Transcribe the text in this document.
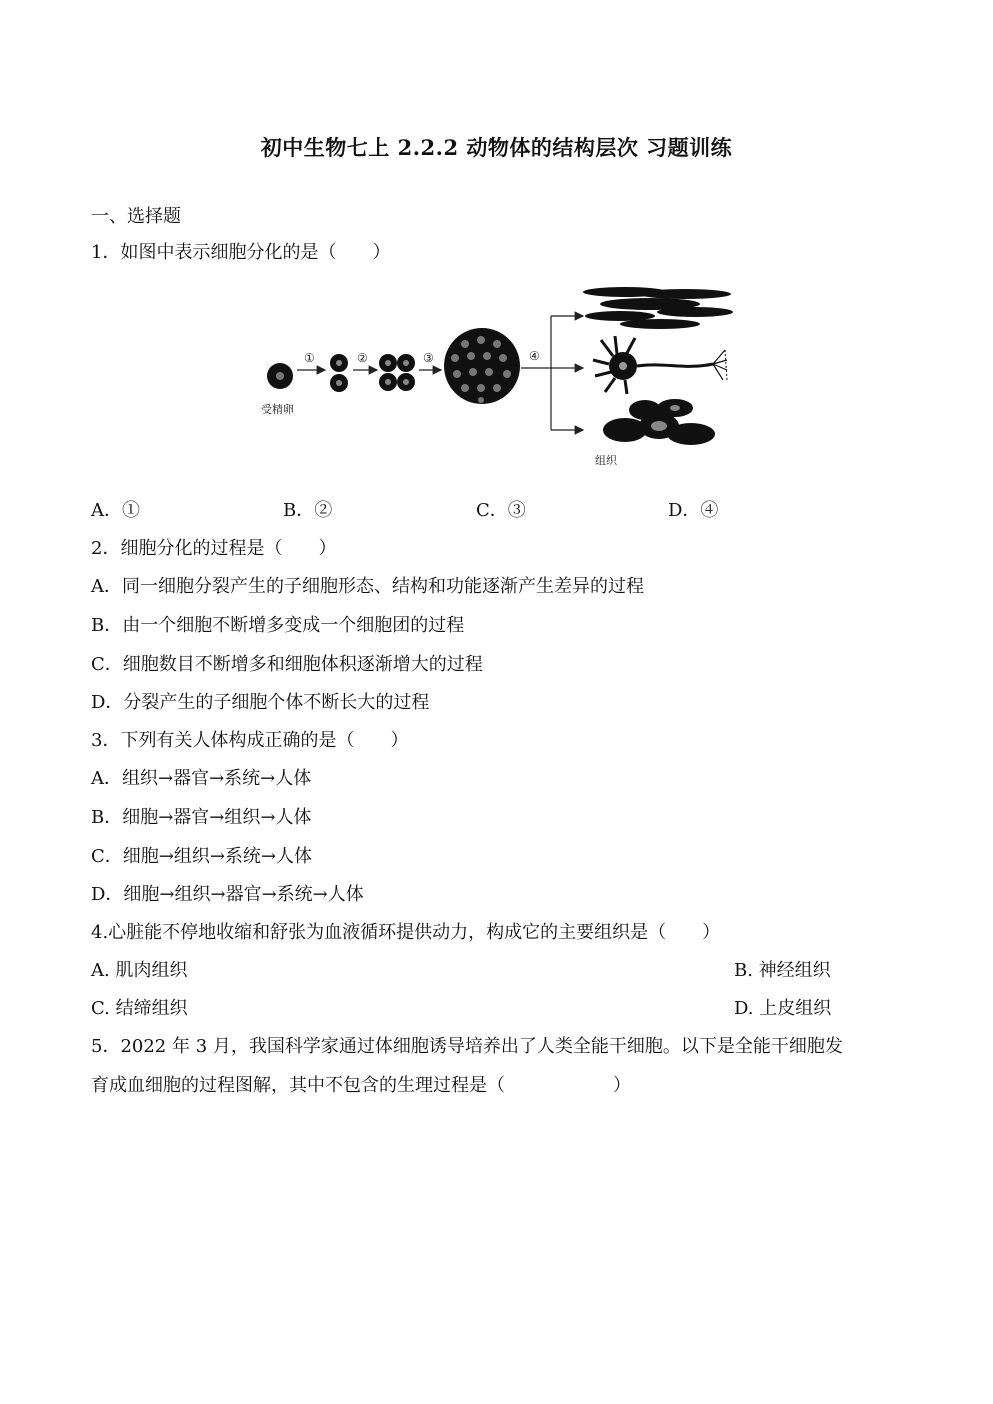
初中生物七上 2.2.2 动物体的结构层次 习题训练
一、选择题
1．如图中表示细胞分化的是（　　）
受精卵
①	②	③	④
组织
A．①	B．②	C．③	D．④
2．细胞分化的过程是（　　）
A．同一细胞分裂产生的子细胞形态、结构和功能逐渐产生差异的过程
B．由一个细胞不断增多变成一个细胞团的过程
C．细胞数目不断增多和细胞体积逐渐增大的过程
D．分裂产生的子细胞个体不断长大的过程
3．下列有关人体构成正确的是（　　）
A．组织→器官→系统→人体
B．细胞→器官→组织→人体
C．细胞→组织→系统→人体
D．细胞→组织→器官→系统→人体
4.心脏能不停地收缩和舒张为血液循环提供动力，构成它的主要组织是（　　）
A. 肌肉组织	B. 神经组织
C. 结缔组织	D. 上皮组织
5．2022 年 3 月，我国科学家通过体细胞诱导培养出了人类全能干细胞。以下是全能干细胞发
育成血细胞的过程图解，其中不包含的生理过程是（　　　　　　）
